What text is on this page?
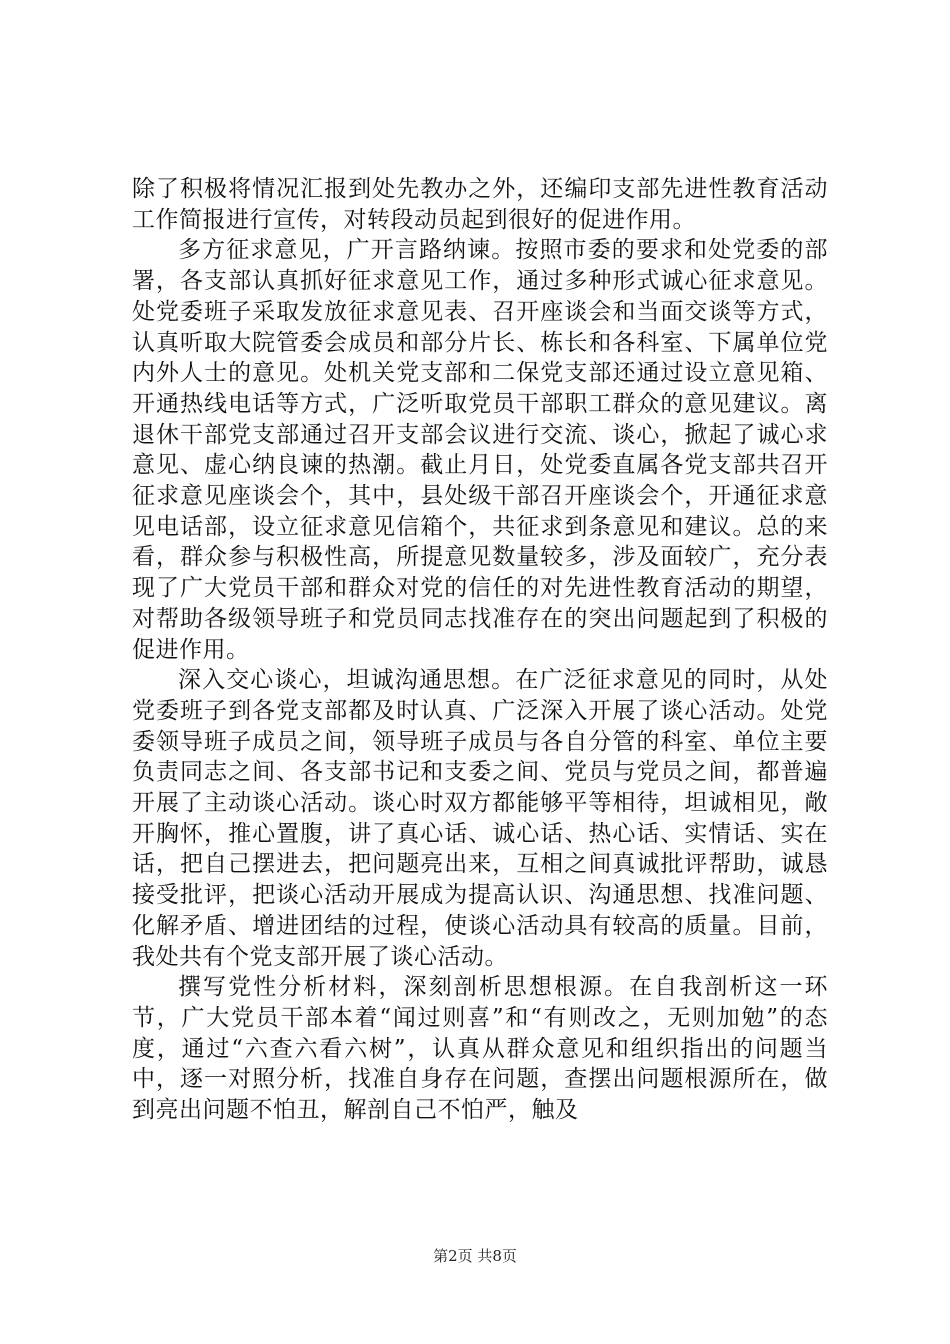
除了积极将情况汇报到处先教办之外，还编印支部先进性教育活动工作简报进行宣传，对转段动员起到很好的促进作用。

多方征求意见，广开言路纳谏。按照市委的要求和处党委的部署，各支部认真抓好征求意见工作，通过多种形式诚心征求意见。处党委班子采取发放征求意见表、召开座谈会和当面交谈等方式，认真听取大院管委会成员和部分片长、栋长和各科室、下属单位党内外人士的意见。处机关党支部和二保党支部还通过设立意见箱、开通热线电话等方式，广泛听取党员干部职工群众的意见建议。离退休干部党支部通过召开支部会议进行交流、谈心，掀起了诚心求意见、虚心纳良谏的热潮。截止月日，处党委直属各党支部共召开征求意见座谈会个，其中，县处级干部召开座谈会个，开通征求意见电话部，设立征求意见信箱个，共征求到条意见和建议。总的来看，群众参与积极性高，所提意见数量较多，涉及面较广，充分表现了广大党员干部和群众对党的信任的对先进性教育活动的期望，对帮助各级领导班子和党员同志找准存在的突出问题起到了积极的促进作用。

深入交心谈心，坦诚沟通思想。在广泛征求意见的同时，从处党委班子到各党支部都及时认真、广泛深入开展了谈心活动。处党委领导班子成员之间，领导班子成员与各自分管的科室、单位主要负责同志之间、各支部书记和支委之间、党员与党员之间，都普遍开展了主动谈心活动。谈心时双方都能够平等相待，坦诚相见，敞开胸怀，推心置腹，讲了真心话、诚心话、热心话、实情话、实在话，把自己摆进去，把问题亮出来，互相之间真诚批评帮助，诚恳接受批评，把谈心活动开展成为提高认识、沟通思想、找准问题、化解矛盾、增进团结的过程，使谈心活动具有较高的质量。目前，我处共有个党支部开展了谈心活动。

撰写党性分析材料，深刻剖析思想根源。在自我剖析这一环节，广大党员干部本着“闻过则喜”和“有则改之，无则加勉”的态度，通过“六查六看六树”，认真从群众意见和组织指出的问题当中，逐一对照分析，找准自身存在问题，查摆出问题根源所在，做到亮出问题不怕丑，解剖自己不怕严，触及

第2页 共8页
